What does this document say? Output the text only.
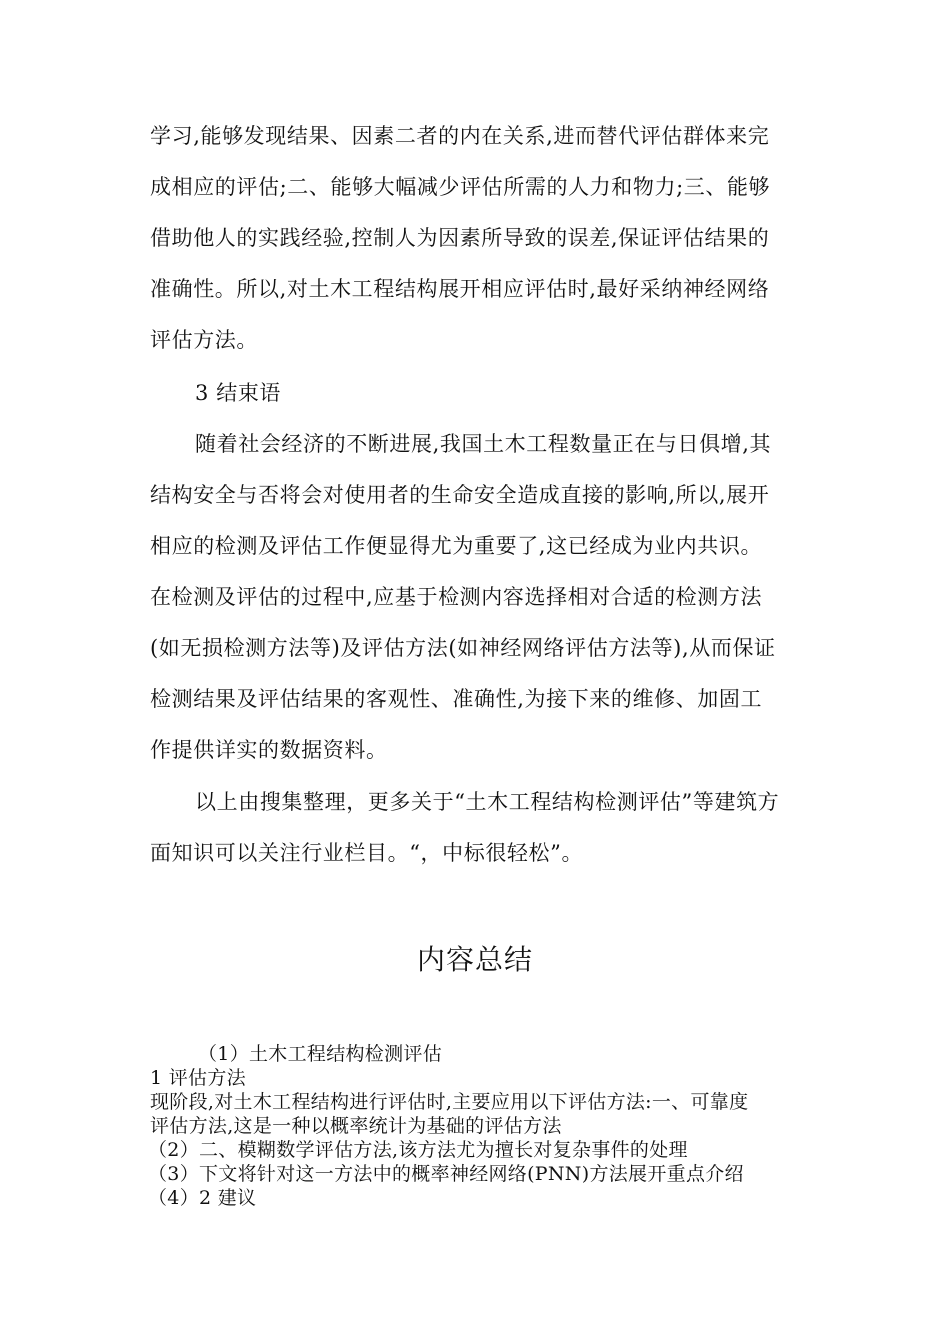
学习,能够发现结果、因素二者的内在关系,进而替代评估群体来完
成相应的评估;二、能够大幅减少评估所需的人力和物力;三、能够
借助他人的实践经验,控制人为因素所导致的误差,保证评估结果的
准确性。所以,对土木工程结构展开相应评估时,最好采纳神经网络
评估方法。
3 结束语
随着社会经济的不断进展,我国土木工程数量正在与日俱增,其
结构安全与否将会对使用者的生命安全造成直接的影响,所以,展开
相应的检测及评估工作便显得尤为重要了,这已经成为业内共识。
在检测及评估的过程中,应基于检测内容选择相对合适的检测方法
(如无损检测方法等)及评估方法(如神经网络评估方法等),从而保证
检测结果及评估结果的客观性、准确性,为接下来的维修、加固工
作提供详实的数据资料。
以上由搜集整理，更多关于“土木工程结构检测评估”等建筑方
面知识可以关注行业栏目。“，中标很轻松”。
内容总结
（1）土木工程结构检测评估
1 评估方法
现阶段,对土木工程结构进行评估时,主要应用以下评估方法:一、可靠度
评估方法,这是一种以概率统计为基础的评估方法
（2）二、模糊数学评估方法,该方法尤为擅长对复杂事件的处理
（3）下文将针对这一方法中的概率神经网络(PNN)方法展开重点介绍
（4）2 建议
